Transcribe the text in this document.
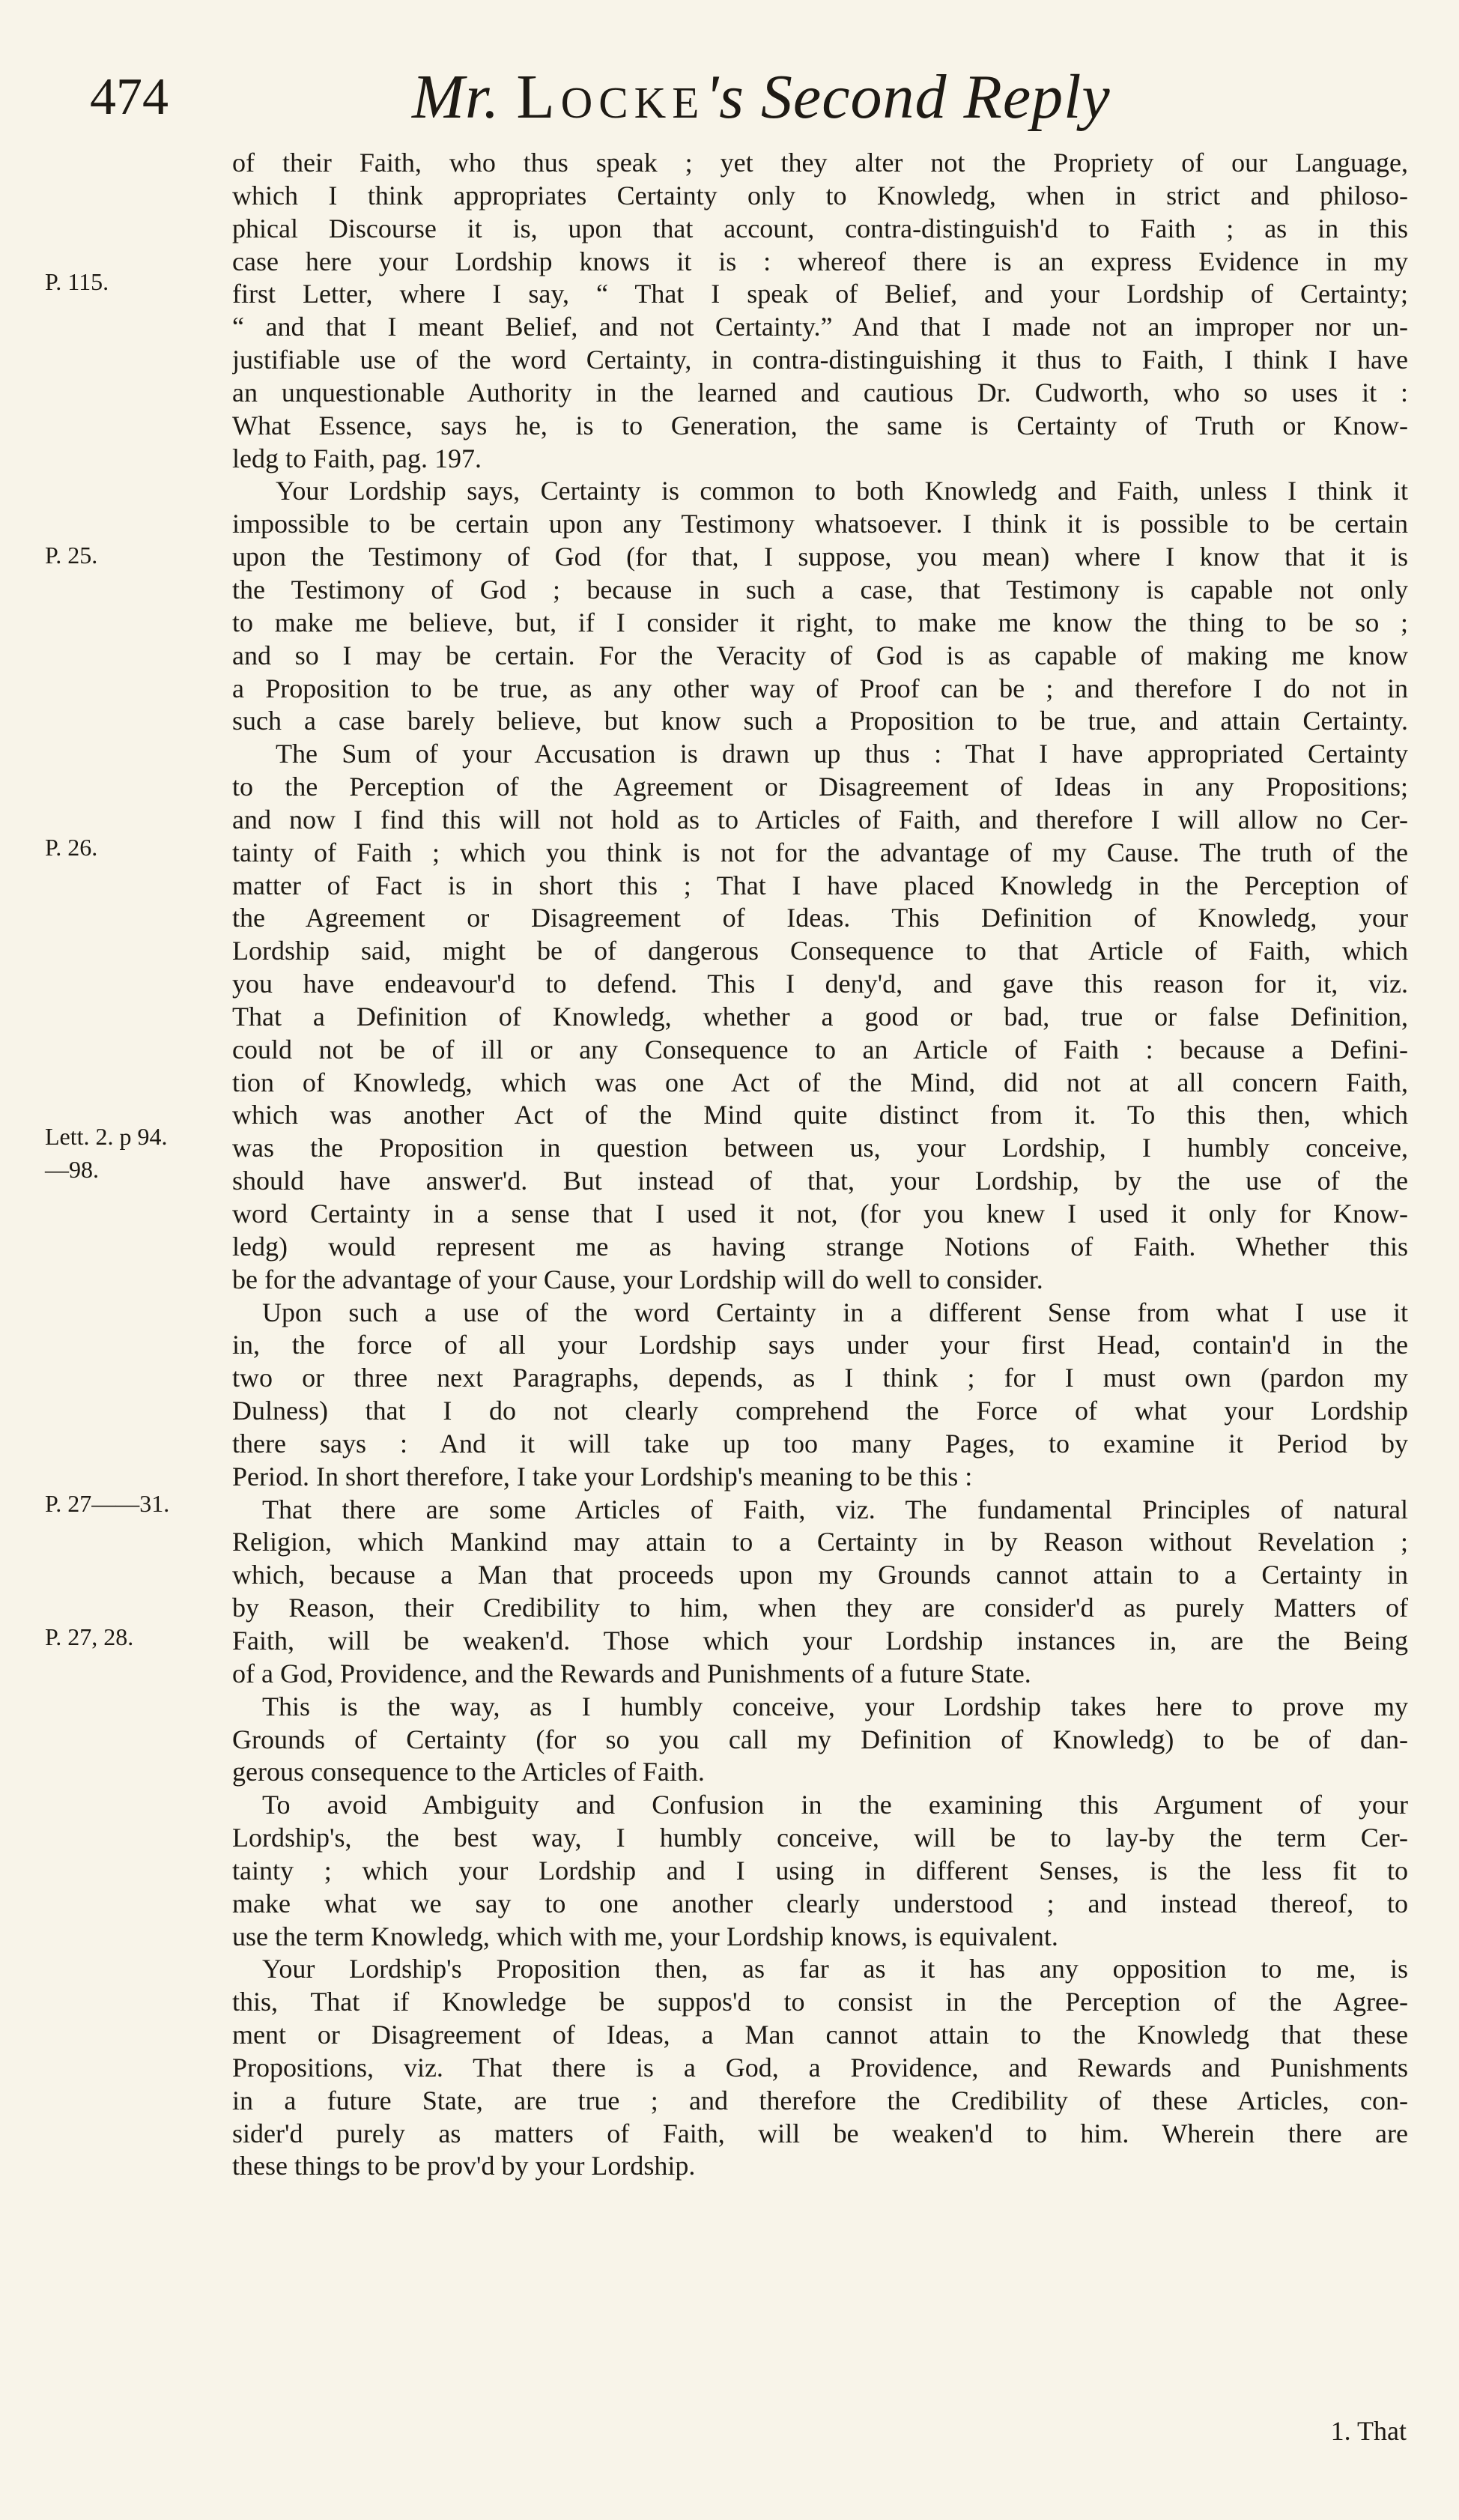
474	Mr. Locke's Second Reply
of their Faith, who thus speak ; yet they alter not the Propriety of our Language,
which I think appropriates Certainty only to Knowledg, when in strict and philoso-
phical Discourse it is, upon that account, contra-distinguish'd to Faith ; as in this
case here your Lordship knows it is : whereof there is an express Evidence in my
first Letter, where I say, “ That I speak of Belief, and your Lordship of Certainty;
“ and that I meant Belief, and not Certainty.” And that I made not an improper nor un-
justifiable use of the word Certainty, in contra-distinguishing it thus to Faith, I think I have
an unquestionable Authority in the learned and cautious Dr. Cudworth, who so uses it :
What Essence, says he, is to Generation, the same is Certainty of Truth or Know-
ledg to Faith, pag. 197.
Your Lordship says, Certainty is common to both Knowledg and Faith, unless I think it
impossible to be certain upon any Testimony whatsoever. I think it is possible to be certain
upon the Testimony of God (for that, I suppose, you mean) where I know that it is
the Testimony of God ; because in such a case, that Testimony is capable not only
to make me believe, but, if I consider it right, to make me know the thing to be so ;
and so I may be certain. For the Veracity of God is as capable of making me know
a Proposition to be true, as any other way of Proof can be ; and therefore I do not in
such a case barely believe, but know such a Proposition to be true, and attain Certainty.
The Sum of your Accusation is drawn up thus : That I have appropriated Certainty
to the Perception of the Agreement or Disagreement of Ideas in any Propositions;
and now I find this will not hold as to Articles of Faith, and therefore I will allow no Cer-
tainty of Faith ; which you think is not for the advantage of my Cause. The truth of the
matter of Fact is in short this ; That I have placed Knowledg in the Perception of
the Agreement or Disagreement of Ideas. This Definition of Knowledg, your
Lordship said, might be of dangerous Consequence to that Article of Faith, which
you have endeavour'd to defend. This I deny'd, and gave this reason for it, viz.
That a Definition of Knowledg, whether a good or bad, true or false Definition,
could not be of ill or any Consequence to an Article of Faith : because a Defini-
tion of Knowledg, which was one Act of the Mind, did not at all concern Faith,
which was another Act of the Mind quite distinct from it. To this then, which
was the Proposition in question between us, your Lordship, I humbly conceive,
should have answer'd. But instead of that, your Lordship, by the use of the
word Certainty in a sense that I used it not, (for you knew I used it only for Know-
ledg) would represent me as having strange Notions of Faith. Whether this
be for the advantage of your Cause, your Lordship will do well to consider.
Upon such a use of the word Certainty in a different Sense from what I use it
in, the force of all your Lordship says under your first Head, contain'd in the
two or three next Paragraphs, depends, as I think ; for I must own (pardon my
Dulness) that I do not clearly comprehend the Force of what your Lordship
there says : And it will take up too many Pages, to examine it Period by
Period. In short therefore, I take your Lordship's meaning to be this :
That there are some Articles of Faith, viz. The fundamental Principles of natural
Religion, which Mankind may attain to a Certainty in by Reason without Revelation ;
which, because a Man that proceeds upon my Grounds cannot attain to a Certainty in
by Reason, their Credibility to him, when they are consider'd as purely Matters of
Faith, will be weaken'd. Those which your Lordship instances in, are the Being
of a God, Providence, and the Rewards and Punishments of a future State.
This is the way, as I humbly conceive, your Lordship takes here to prove my
Grounds of Certainty (for so you call my Definition of Knowledg) to be of dan-
gerous consequence to the Articles of Faith.
To avoid Ambiguity and Confusion in the examining this Argument of your
Lordship's, the best way, I humbly conceive, will be to lay-by the term Cer-
tainty ; which your Lordship and I using in different Senses, is the less fit to
make what we say to one another clearly understood ; and instead thereof, to
use the term Knowledg, which with me, your Lordship knows, is equivalent.
Your Lordship's Proposition then, as far as it has any opposition to me, is
this, That if Knowledge be suppos'd to consist in the Perception of the Agree-
ment or Disagreement of Ideas, a Man cannot attain to the Knowledg that these
Propositions, viz. That there is a God, a Providence, and Rewards and Punishments
in a future State, are true ; and therefore the Credibility of these Articles, con-
sider'd purely as matters of Faith, will be weaken'd to him. Wherein there are
these things to be prov'd by your Lordship.
P. 115.
P. 25.
P. 26.
Lett. 2. p 94.
—98.
P. 27——31.
P. 27, 28.
1. That
